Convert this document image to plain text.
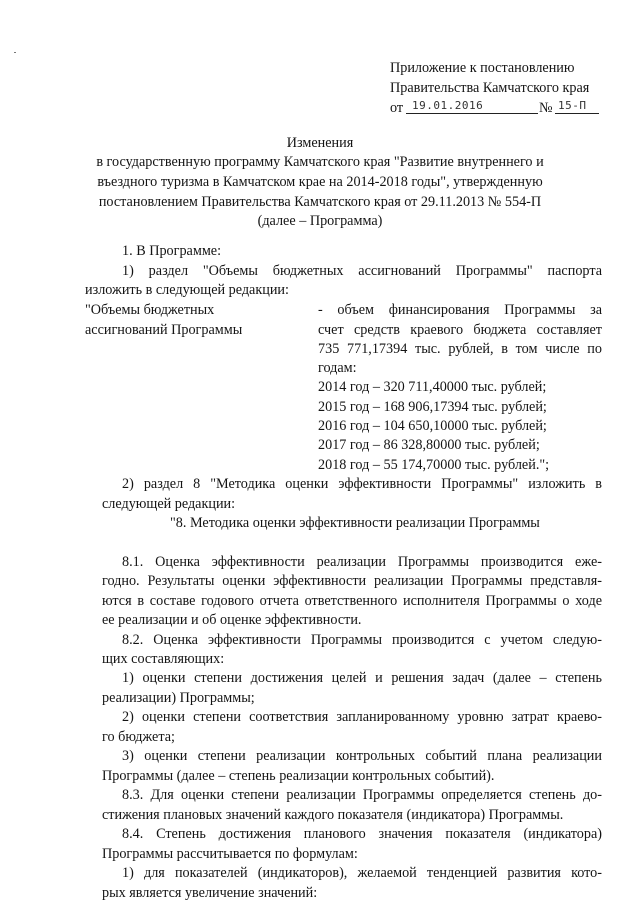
Приложение к постановлению
Правительства Камчатского края
от 19.01.2016	№ 15-П
Изменения
в государственную программу Камчатского края "Развитие внутреннего и
въездного туризма в Камчатском крае на 2014-2018 годы", утвержденную
постановлением Правительства Камчатского края от 29.11.2013 № 554-П
(далее – Программа)
1. В Программе:
1) раздел "Объемы бюджетных ассигнований Программы" паспорта
изложить в следующей редакции:
"Объемы бюджетных
ассигнований Программы
- объем финансирования Программы за
счет средств краевого бюджета составляет
735 771,17394 тыс. рублей, в том числе по
годам:
2014 год – 320 711,40000 тыс. рублей;
2015 год – 168 906,17394 тыс. рублей;
2016 год – 104 650,10000 тыс. рублей;
2017 год – 86 328,80000 тыс. рублей;
2018 год – 55 174,70000 тыс. рублей.";
2) раздел 8 "Методика оценки эффективности Программы" изложить в
следующей редакции:
"8. Методика оценки эффективности реализации Программы
8.1. Оценка эффективности реализации Программы производится еже-
годно. Результаты оценки эффективности реализации Программы представля-
ются в составе годового отчета ответственного исполнителя Программы о ходе
ее реализации и об оценке эффективности.
8.2. Оценка эффективности Программы производится с учетом следую-
щих составляющих:
1) оценки степени достижения целей и решения задач (далее – степень
реализации) Программы;
2) оценки степени соответствия запланированному уровню затрат краево-
го бюджета;
3) оценки степени реализации контрольных событий плана реализации
Программы (далее – степень реализации контрольных событий).
8.3. Для оценки степени реализации Программы определяется степень до-
стижения плановых значений каждого показателя (индикатора) Программы.
8.4. Степень достижения планового значения показателя (индикатора)
Программы рассчитывается по формулам:
1) для показателей (индикаторов), желаемой тенденцией развития кото-
рых является увеличение значений:
